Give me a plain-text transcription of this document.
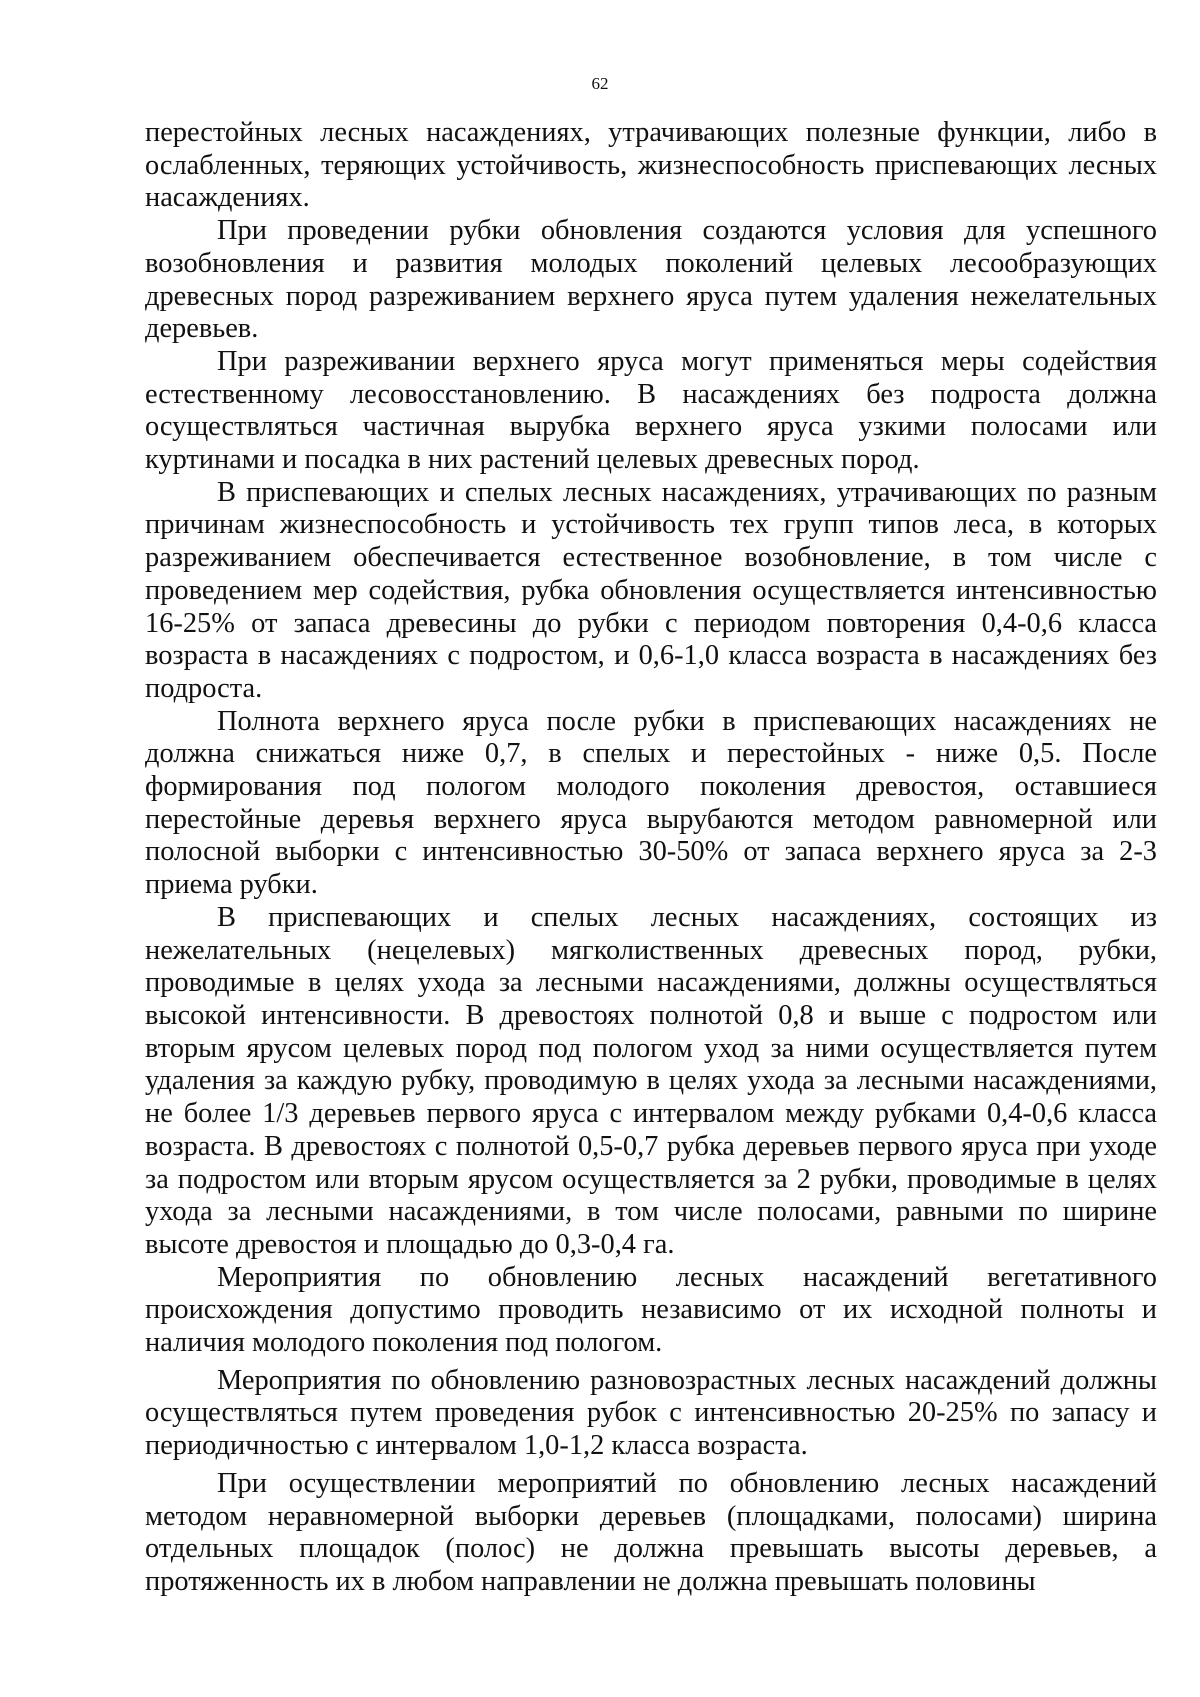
62

перестойных лесных насаждениях, утрачивающих полезные функции, либо в ослабленных, теряющих устойчивость, жизнеспособность приспевающих лесных насаждениях.

При проведении рубки обновления создаются условия для успешного возобновления и развития молодых поколений целевых лесообразующих древесных пород разреживанием верхнего яруса путем удаления нежелательных деревьев.

При разреживании верхнего яруса могут применяться меры содействия естественному лесовосстановлению. В насаждениях без подроста должна осуществляться частичная вырубка верхнего яруса узкими полосами или куртинами и посадка в них растений целевых древесных пород.

В приспевающих и спелых лесных насаждениях, утрачивающих по разным причинам жизнеспособность и устойчивость тех групп типов леса, в которых разреживанием обеспечивается естественное возобновление, в том числе с проведением мер содействия, рубка обновления осуществляется интенсивностью 16-25% от запаса древесины до рубки с периодом повторения 0,4-0,6 класса возраста в насаждениях с подростом, и 0,6-1,0 класса возраста в насаждениях без подроста.

Полнота верхнего яруса после рубки в приспевающих насаждениях не должна снижаться ниже 0,7, в спелых и перестойных - ниже 0,5. После формирования под пологом молодого поколения древостоя, оставшиеся перестойные деревья верхнего яруса вырубаются методом равномерной или полосной выборки с интенсивностью 30-50% от запаса верхнего яруса за 2-3 приема рубки.

В приспевающих и спелых лесных насаждениях, состоящих из нежелательных (нецелевых) мягколиственных древесных пород, рубки, проводимые в целях ухода за лесными насаждениями, должны осуществляться высокой интенсивности. В древостоях полнотой 0,8 и выше с подростом или вторым ярусом целевых пород под пологом уход за ними осуществляется путем удаления за каждую рубку, проводимую в целях ухода за лесными насаждениями, не более 1/3 деревьев первого яруса с интервалом между рубками 0,4-0,6 класса возраста. В древостоях с полнотой 0,5-0,7 рубка деревьев первого яруса при уходе за подростом или вторым ярусом осуществляется за 2 рубки, проводимые в целях ухода за лесными насаждениями, в том числе полосами, равными по ширине высоте древостоя и площадью до 0,3-0,4 га.

Мероприятия по обновлению лесных насаждений вегетативного происхождения допустимо проводить независимо от их исходной полноты и наличия молодого поколения под пологом.

Мероприятия по обновлению разновозрастных лесных насаждений должны осуществляться путем проведения рубок с интенсивностью 20-25% по запасу и периодичностью с интервалом 1,0-1,2 класса возраста.

При осуществлении мероприятий по обновлению лесных насаждений методом неравномерной выборки деревьев (площадками, полосами) ширина отдельных площадок (полос) не должна превышать высоты деревьев, а протяженность их в любом направлении не должна превышать половины
